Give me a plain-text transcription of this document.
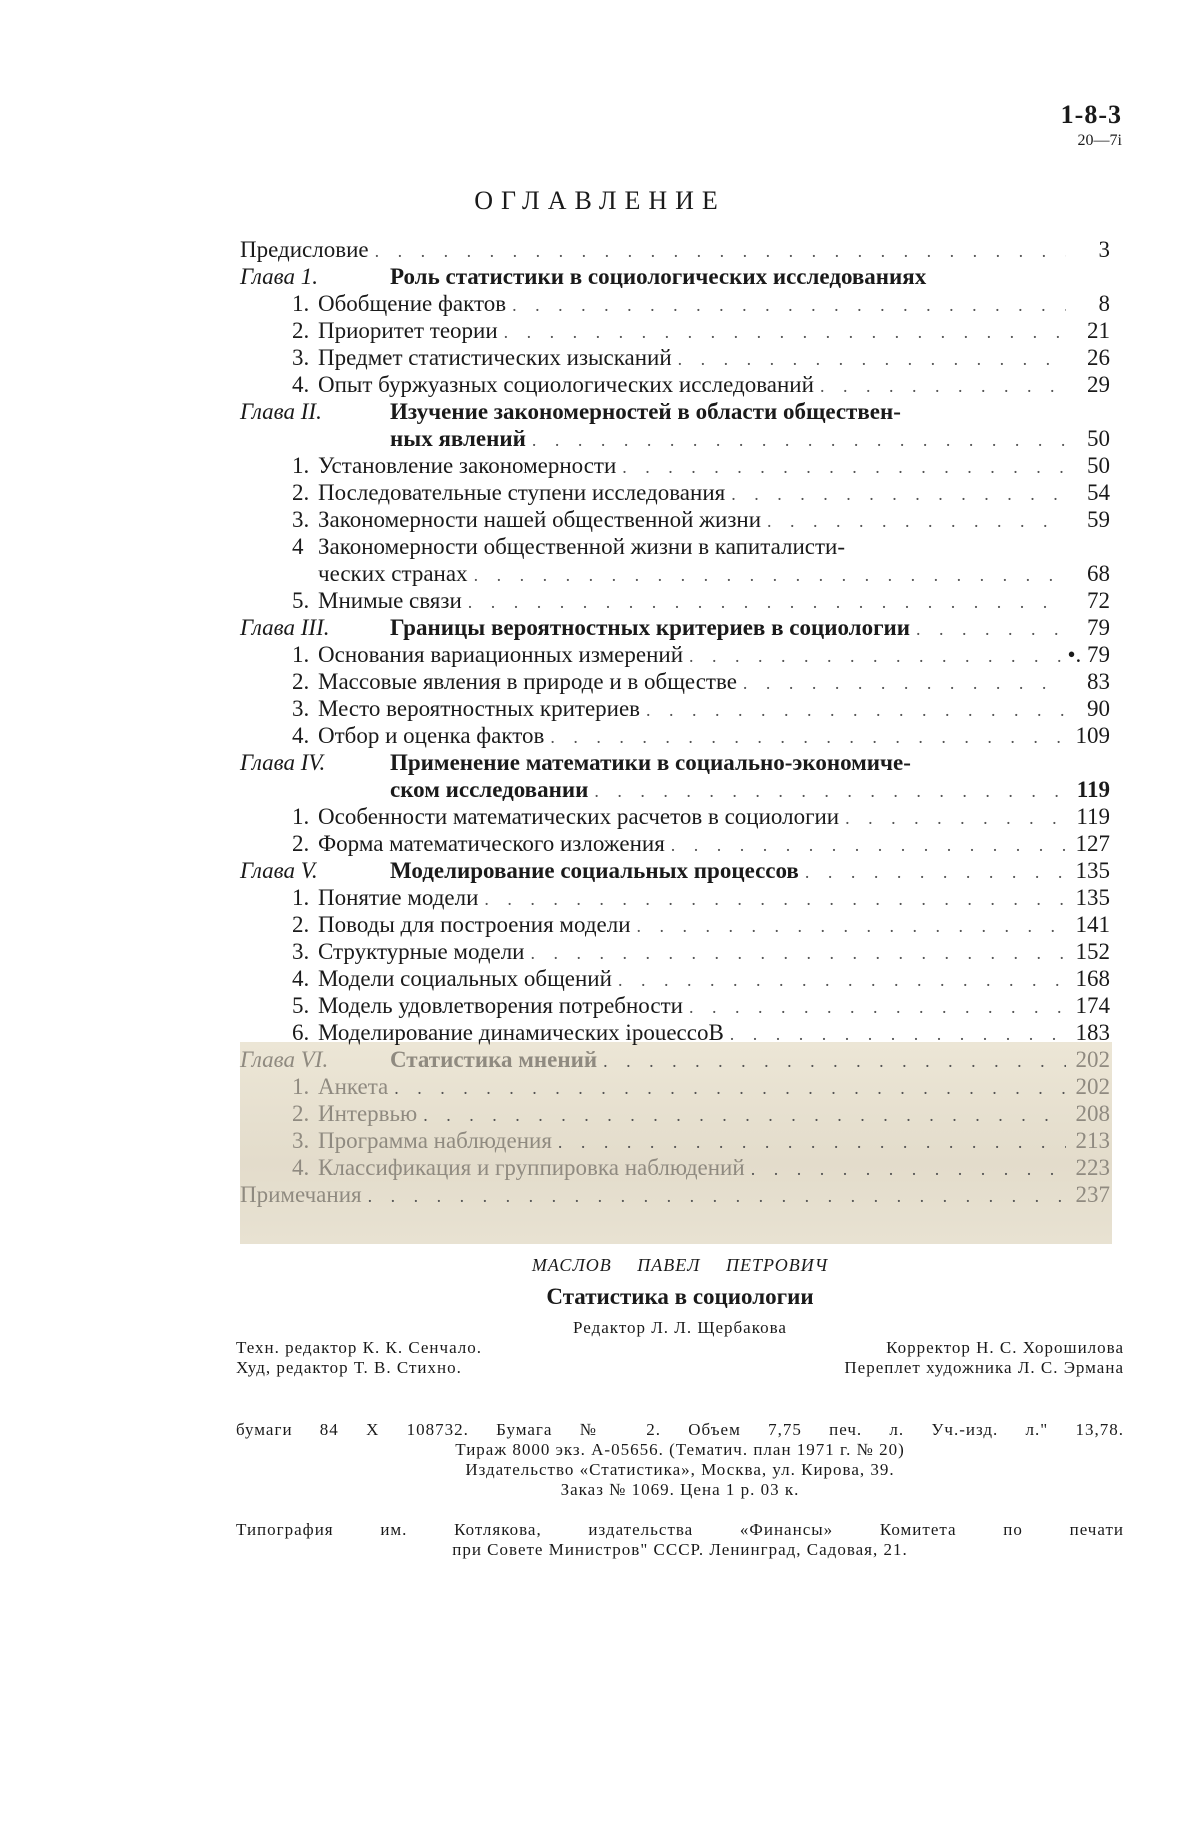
1-8-3
20—7i
ОГЛАВЛЕНИЕ
Предисловие . . .	3
Глава 1.	Роль статистики в социологических исследованиях
1. Обобщение фактов . . .	8
2. Приоритет теории . . .	21
3. Предмет статистических изысканий . . .	26
4. Опыт буржуазных социологических исследований . . .	29
Глава II.	Изучение закономерностей в области обществен-
ных явлений . . .	50
1. Установление закономерности . . .	50
2. Последовательные ступени исследования . . .	54
3. Закономерности нашей общественной жизни . . .	59
4 Закономерности общественной жизни в капиталисти-
ческих странах . . .	68
5. Мнимые связи . . .	72
Глава III.	Границы вероятностных критериев в социологии . . .	79
1. Основания вариационных измерений . . .	•. 79
2. Массовые явления в природе и в обществе . . .	83
3. Место вероятностных критериев . . .	90
4. Отбор и оценка фактов . . .	109
Глава IV.	Применение математики в социально-экономиче-
ском исследовании . . .	119
1. Особенности математических расчетов в социологии . . .	119
2. Форма математического изложения . . .	127
Глава V.	Моделирование социальных процессов . . .	135
1. Понятие модели . . .	135
2. Поводы для построения модели . . .	141
3. Структурные модели . . .	152
4. Модели социальных общений . . .	168
5. Модель удовлетворения потребности . . .	174
6. Моделирование динамических ipoueccoB . . .	183
Глава VI.	Статистика мнений . . .	202
1. Анкета . . .	202
2. Интервью . . .	208
3. Программа наблюдения . . .	213
4. Классификация и группировка наблюдений . . .	223
Примечания . . .	237
МАСЛОВ ПАВЕЛ ПЕТРОВИЧ
Статистика в социологии
Редактор Л. Л. Щербакова
Техн. редактор К. К. Сенчало.	Корректор Н. С. Хорошилова
Худ, редактор Т. В. Стихно.	Переплет художника Л. С. Эрмана
бумаги 84 X 108732. Бумага № 2. Объем 7,75 печ. л. Уч.-изд. л." 13,78.
Тираж 8000 экз. А-05656. (Тематич. план 1971 г. № 20)
Издательство «Статистика», Москва, ул. Кирова, 39.
Заказ № 1069. Цена 1 р. 03 к.
Типография им. Котлякова, издательства «Финансы» Комитета по печати
при Совете Министров" СССР. Ленинград, Садовая, 21.
